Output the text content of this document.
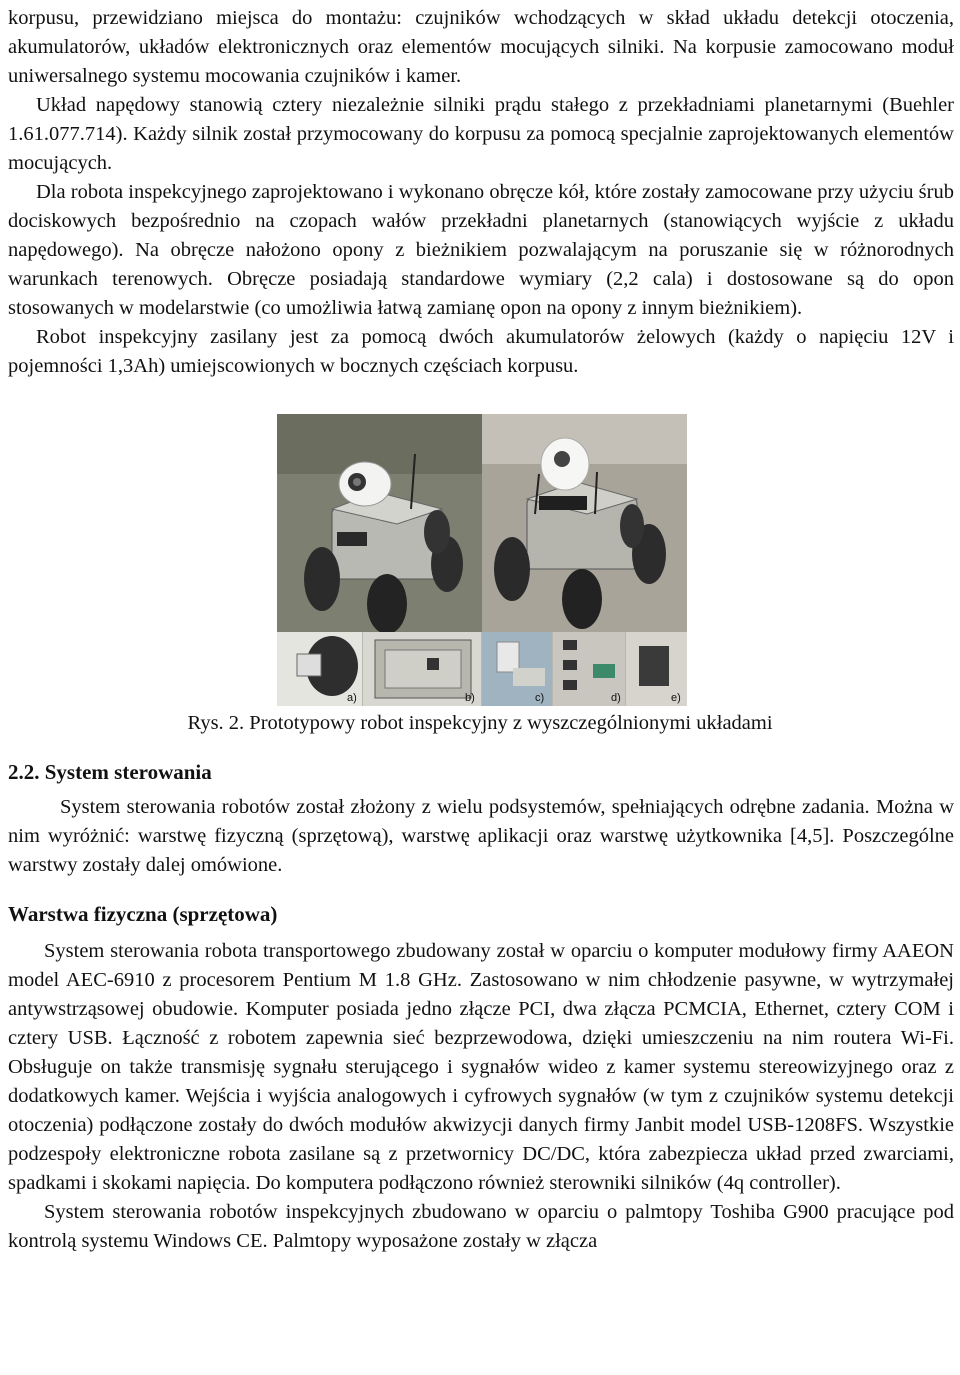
korpusu, przewidziano miejsca do montażu: czujników wchodzących w skład układu detekcji otoczenia, akumulatorów, układów elektronicznych oraz elementów mocujących silniki. Na korpusie zamocowano moduł uniwersalnego systemu mocowania czujników i kamer.

Układ napędowy stanowią cztery niezależnie silniki prądu stałego z przekładniami planetarnymi (Buehler 1.61.077.714). Każdy silnik został przymocowany do korpusu za pomocą specjalnie zaprojektowanych elementów mocujących.

Dla robota inspekcyjnego zaprojektowano i wykonano obręcze kół, które zostały zamocowane przy użyciu śrub dociskowych bezpośrednio na czopach wałów przekładni planetarnych (stanowiących wyjście z układu napędowego). Na obręcze nałożono opony z bieżnikiem pozwalającym na poruszanie się w różnorodnych warunkach terenowych. Obręcze posiadają standardowe wymiary (2,2 cala) i dostosowane są do opon stosowanych w modelarstwie (co umożliwia łatwą zamianę opon na opony z innym bieżnikiem).

Robot inspekcyjny zasilany jest za pomocą dwóch akumulatorów żelowych (każdy o napięciu 12V i pojemności 1,3Ah) umiejscowionych w bocznych częściach korpusu.

a)	b)	c)	d)	e)
Rys. 2. Prototypowy robot inspekcyjny z wyszczególnionymi układami
2.2. System sterowania

System sterowania robotów został złożony z wielu podsystemów, spełniających odrębne zadania. Można w nim wyróżnić: warstwę fizyczną (sprzętową), warstwę aplikacji oraz warstwę użytkownika [4,5]. Poszczególne warstwy zostały dalej omówione.

Warstwa fizyczna (sprzętowa)

System sterowania robota transportowego zbudowany został w oparciu o komputer modułowy firmy AAEON model AEC-6910 z procesorem Pentium M 1.8 GHz. Zastosowano w nim chłodzenie pasywne, w wytrzymałej antywstrząsowej obudowie. Komputer posiada jedno złącze PCI, dwa złącza PCMCIA, Ethernet, cztery COM i cztery USB. Łączność z robotem zapewnia sieć bezprzewodowa, dzięki umieszczeniu na nim routera Wi-Fi. Obsługuje on także transmisję sygnału sterującego i sygnałów wideo z kamer systemu stereowizyjnego oraz z dodatkowych kamer. Wejścia i wyjścia analogowych i cyfrowych sygnałów (w tym z czujników systemu detekcji otoczenia) podłączone zostały do dwóch modułów akwizycji danych firmy Janbit model USB-1208FS. Wszystkie podzespoły elektroniczne robota zasilane są z przetwornicy DC/DC, która zabezpiecza układ przed zwarciami, spadkami i skokami napięcia. Do komputera podłączono również sterowniki silników (4q controller).

System sterowania robotów inspekcyjnych zbudowano w oparciu o palmtopy Toshiba G900 pracujące pod kontrolą systemu Windows CE. Palmtopy wyposażone zostały w złącza
